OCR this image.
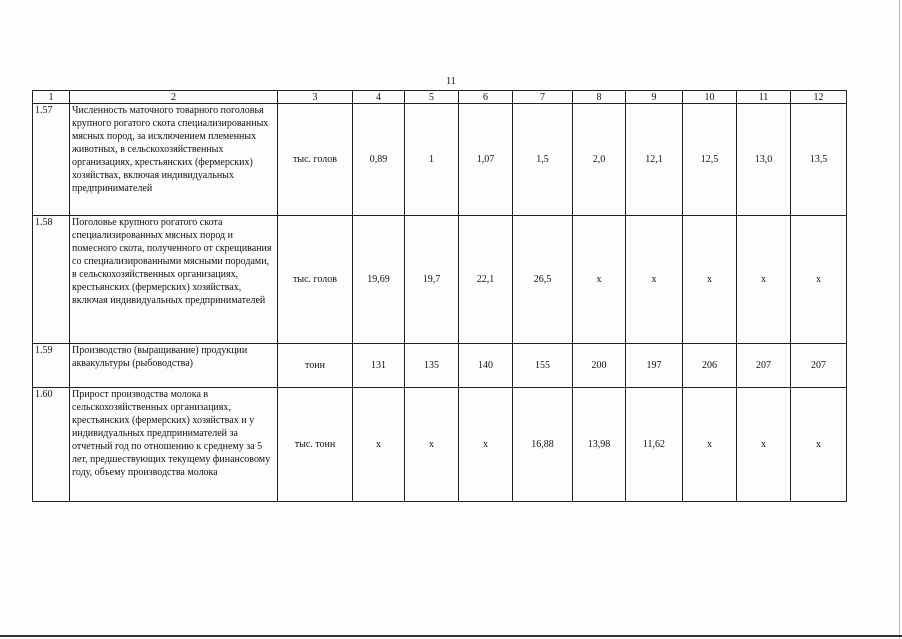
11
1	2	3	4	5	6	7	8	9	10	11	12
1.57	Численность маточного товарного поголовья крупного рогатого скота специализированных мясных пород, за исключением племенных животных, в сельскохозяйственных организациях, крестьянских (фермерских) хозяйствах, включая индивидуальных предпринимателей	тыс. голов	0,89	1	1,07	1,5	2,0	12,1	12,5	13,0	13,5
1.58	Поголовье крупного рогатого скота специализированных мясных пород и помесного скота, полученного от скрещивания со специализированными мясными породами, в сельскохозяйственных организациях, крестьянских (фермерских) хозяйствах, включая индивидуальных предпринимателей	тыс. голов	19,69	19,7	22,1	26,5	x	x	x	x	x
1.59	Производство (выращивание) продукции аквакультуры (рыбоводства)	тонн	131	135	140	155	200	197	206	207	207
1.60	Прирост производства молока в сельскохозяйственных организациях, крестьянских (фермерских) хозяйствах и у индивидуальных предпринимателей за отчетный год по отношению к среднему за 5 лет, предшествующих текущему финансовому году, объему производства молока	тыс. тонн	x	x	x	16,88	13,98	11,62	x	x	x
